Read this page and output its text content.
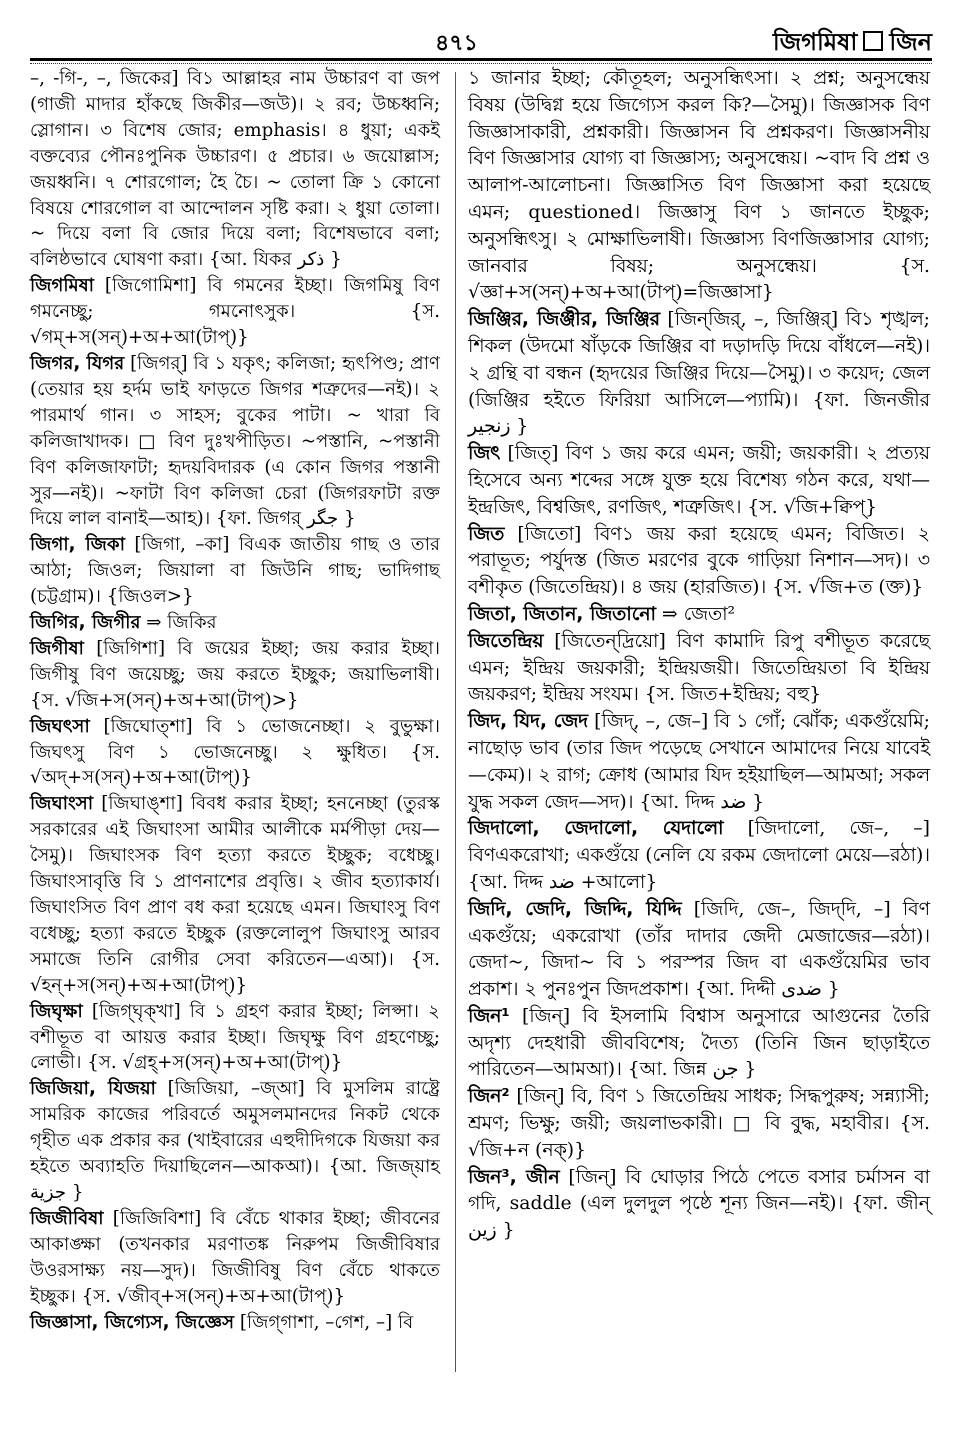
৪৭১	জিগমিষা জিন

–, -গি-, –, জিকের] বি১ আল্লাহর নাম উচ্চারণ বা জপ (গাজী মাদার হাঁকছে জিকীর—জউ)। ২ রব; উচ্চধ্বনি; স্লোগান। ৩ বিশেষ জোর; emphasis। ৪ ধুয়া; একই বক্তব্যের পৌনঃপুনিক উচ্চারণ। ৫ প্রচার। ৬ জয়োল্লাস; জয়ধ্বনি। ৭ শোরগোল; হৈ চৈ। ~ তোলা ক্রি ১ কোনো বিষয়ে শোরগোল বা আন্দোলন সৃষ্টি করা। ২ ধুয়া তোলা। ~ দিয়ে বলা বি জোর দিয়ে বলা; বিশেষভাবে বলা; বলিষ্ঠভাবে ঘোষণা করা। {আ. যিকর ذكر }

জিগমিষা [জিগোমিশা] বি গমনের ইচ্ছা। জিগমিষু বিণ গমনেচ্ছু; গমনোৎসুক। {স. √গম্+স(সন্)+অ+আ(টাপ্)}

জিগর, যিগর [জিগর্] বি ১ যকৃৎ; কলিজা; হৃৎপিণ্ড; প্রাণ (তেয়ার হয় হর্দম ভাই ফাড়তে জিগর শত্রুদের—নই)। ২ পারমার্থ গান। ৩ সাহস; বুকের পাটা। ~ খারা বি কলিজাখাদক। □ বিণ দুঃখপীড়িত। ~পস্তানি, ~পস্তানী বিণ কলিজাফাটা; হৃদয়বিদারক (এ কোন জিগর পস্তানী সুর—নই)। ~ফাটা বিণ কলিজা চেরা (জিগরফাটা রক্ত দিয়ে লাল বানাই—আহ)। {ফা. জিগর্ جگر }

জিগা, জিকা [জিগা, –কা] বিএক জাতীয় গাছ ও তার আঠা; জিওল; জিয়ালা বা জিউনি গাছ; ভাদিগাছ (চট্টগ্রাম)। {জিওল>}

জিগির, জিগীর ⇒ জিকির

জিগীষা [জিগিশা] বি জয়ের ইচ্ছা; জয় করার ইচ্ছা। জিগীষু বিণ জয়েচ্ছু; জয় করতে ইচ্ছুক; জয়াভিলাষী। {স. √জি+স(সন্)+অ+আ(টাপ্)>}

জিঘৎসা [জিঘোত্শা] বি ১ ভোজনেচ্ছা। ২ বুভুক্ষা। জিঘৎসু বিণ ১ ভোজনেচ্ছু। ২ ক্ষুধিত। {স. √অদ্+স(সন্)+অ+আ(টাপ্)}

জিঘাংসা [জিঘাঙ্শা] বিবধ করার ইচ্ছা; হননেচ্ছা (তুরস্ক সরকারের এই জিঘাংসা আমীর আলীকে মর্মপীড়া দেয়—সৈমু)। জিঘাংসক বিণ হত্যা করতে ইচ্ছুক; বধেচ্ছু। জিঘাংসাবৃত্তি বি ১ প্রাণনাশের প্রবৃত্তি। ২ জীব হত্যাকার্য। জিঘাংসিত বিণ প্রাণ বধ করা হয়েছে এমন। জিঘাংসু বিণ বধেচ্ছু; হত্যা করতে ইচ্ছুক (রক্তলোলুপ জিঘাংসু আরব সমাজে তিনি রোগীর সেবা করিতেন—এআ)। {স. √হন্+স(সন্)+অ+আ(টাপ্)}

জিঘৃক্ষা [জিগ্‌ঘৃক্‌খা] বি ১ গ্রহণ করার ইচ্ছা; লিপ্সা। ২ বশীভূত বা আয়ত্ত করার ইচ্ছা। জিঘৃক্ষু বিণ গ্রহণেচ্ছু; লোভী। {স. √গ্রহ্+স(সন্)+অ+আ(টাপ্)}

জিজিয়া, যিজয়া [জিজিয়া, –জ্‌আ] বি মুসলিম রাষ্ট্রে সামরিক কাজের পরিবর্তে অমুসলমানদের নিকট থেকে গৃহীত এক প্রকার কর (খাইবারের এহুদীদিগকে যিজয়া কর হইতে অব্যাহতি দিয়াছিলেন—আকআ)। {আ. জিজ্‌য়াহ جزية }

জিজীবিষা [জিজিবিশা] বি বেঁচে থাকার ইচ্ছা; জীবনের আকাঙ্ক্ষা (তখনকার মরণাতঙ্ক নিরুপম জিজীবিষার উওরসাক্ষ্য নয়—সুদ)। জিজীবিষু বিণ বেঁচে থাকতে ইচ্ছুক। {স. √জীব্+স(সন্)+অ+আ(টাপ্)}

জিজ্ঞাসা, জিগ্যেস, জিজ্ঞেস [জিগ্‌গাশা, –গেশ, –] বি

১ জানার ইচ্ছা; কৌতূহল; অনুসন্ধিৎসা। ২ প্রশ্ন; অনুসন্ধেয় বিষয় (উদ্বিগ্ন হয়ে জিগ্যেস করল কি?—সৈমু)। জিজ্ঞাসক বিণ জিজ্ঞাসাকারী, প্রশ্নকারী। জিজ্ঞাসন বি প্রশ্নকরণ। জিজ্ঞাসনীয় বিণ জিজ্ঞাসার যোগ্য বা জিজ্ঞাস্য; অনুসন্ধেয়। ~বাদ বি প্রশ্ন ও আলাপ-আলোচনা। জিজ্ঞাসিত বিণ জিজ্ঞাসা করা হয়েছে এমন; questioned। জিজ্ঞাসু বিণ ১ জানতে ইচ্ছুক; অনুসন্ধিৎসু। ২ মোক্ষাভিলাষী। জিজ্ঞাস্য বিণজিজ্ঞাসার যোগ্য; জানবার বিষয়; অনুসন্ধেয়। {স. √জ্ঞা+স(সন্)+অ+আ(টাপ্)=জিজ্ঞাসা}

জিঞ্জির, জিঞ্জীর, জিঞ্জির [জিন্‌জির্, –, জিঞ্জির্] বি১ শৃঙ্খল; শিকল (উদমো ষাঁড়কে জিঞ্জির বা দড়াদড়ি দিয়ে বাঁধলে—নই)। ২ গ্রন্থি বা বন্ধন (হৃদয়ের জিঞ্জির দিয়ে—সৈমু)। ৩ কয়েদ; জেল (জিঞ্জির হইতে ফিরিয়া আসিলে—প্যামি)। {ফা. জিনজীর زنجير }

জিৎ [জিত্] বিণ ১ জয় করে এমন; জয়ী; জয়কারী। ২ প্রত্যয় হিসেবে অন্য শব্দের সঙ্গে যুক্ত হয়ে বিশেষ্য গঠন করে, যথা—ইন্দ্রজিৎ, বিশ্বজিৎ, রণজিৎ, শত্রুজিৎ। {স. √জি+ক্বিপ্}

জিত [জিতো] বিণ১ জয় করা হয়েছে এমন; বিজিত। ২ পরাভূত; পর্যুদস্ত (জিত মরণের বুকে গাড়িয়া নিশান—সদ)। ৩ বশীকৃত (জিতেন্দ্রিয়)। ৪ জয় (হারজিত)। {স. √জি+ত (ক্ত)}

জিতা, জিতান, জিতানো ⇒ জেতা²

জিতেন্দ্রিয় [জিতেন্‌দ্রিয়ো] বিণ কামাদি রিপু বশীভূত করেছে এমন; ইন্দ্রিয় জয়কারী; ইন্দ্রিয়জয়ী। জিতেন্দ্রিয়তা বি ইন্দ্রিয় জয়করণ; ইন্দ্রিয় সংযম। {স. জিত+ইন্দ্রিয়; বহু}

জিদ, যিদ, জেদ [জিদ্, –, জে–] বি ১ গোঁ; ঝোঁক; একগুঁয়েমি; নাছোড় ভাব (তার জিদ পড়েছে সেখানে আমাদের নিয়ে যাবেই—কেম)। ২ রাগ; ক্রোধ (আমার যিদ হইয়াছিল—আমআ; সকল যুদ্ধ সকল জেদ—সদ)। {আ. দিদ্দ ضد }

জিদালো, জেদালো, যেদালো [জিদালো, জে–, –] বিণএকরোখা; একগুঁয়ে (নেলি যে রকম জেদালো মেয়ে—রঠা)। {আ. দিদ্দ ضد +আলো}

জিদি, জেদি, জিদ্দি, যিদ্দি [জিদি, জে–, জিদ্‌দি, –] বিণ একগুঁয়ে; একরোখা (তাঁর দাদার জেদী মেজাজের—রঠা)। জেদা~, জিদা~ বি ১ পরস্পর জিদ বা একগুঁয়েমির ভাব প্রকাশ। ২ পুনঃপুন জিদপ্রকাশ। {আ. দিদ্দী ضدى }

জিন¹ [জিন্] বি ইসলামি বিশ্বাস অনুসারে আগুনের তৈরি অদৃশ্য দেহধারী জীববিশেষ; দৈত্য (তিনি জিন ছাড়াইতে পারিতেন—আমআ)। {আ. জিন্ন جن }

জিন² [জিন্] বি, বিণ ১ জিতেন্দ্রিয় সাধক; সিদ্ধপুরুষ; সন্ন্যাসী; শ্রমণ; ভিক্ষু; জয়ী; জয়লাভকারী। □ বি বুদ্ধ, মহাবীর। {স. √জি+ন (নক্)}

জিন³, জীন [জিন্] বি ঘোড়ার পিঠে পেতে বসার চর্মাসন বা গদি, saddle (এল দুলদুল পৃষ্ঠে শূন্য জিন—নই)। {ফা. জীন্ زين }
